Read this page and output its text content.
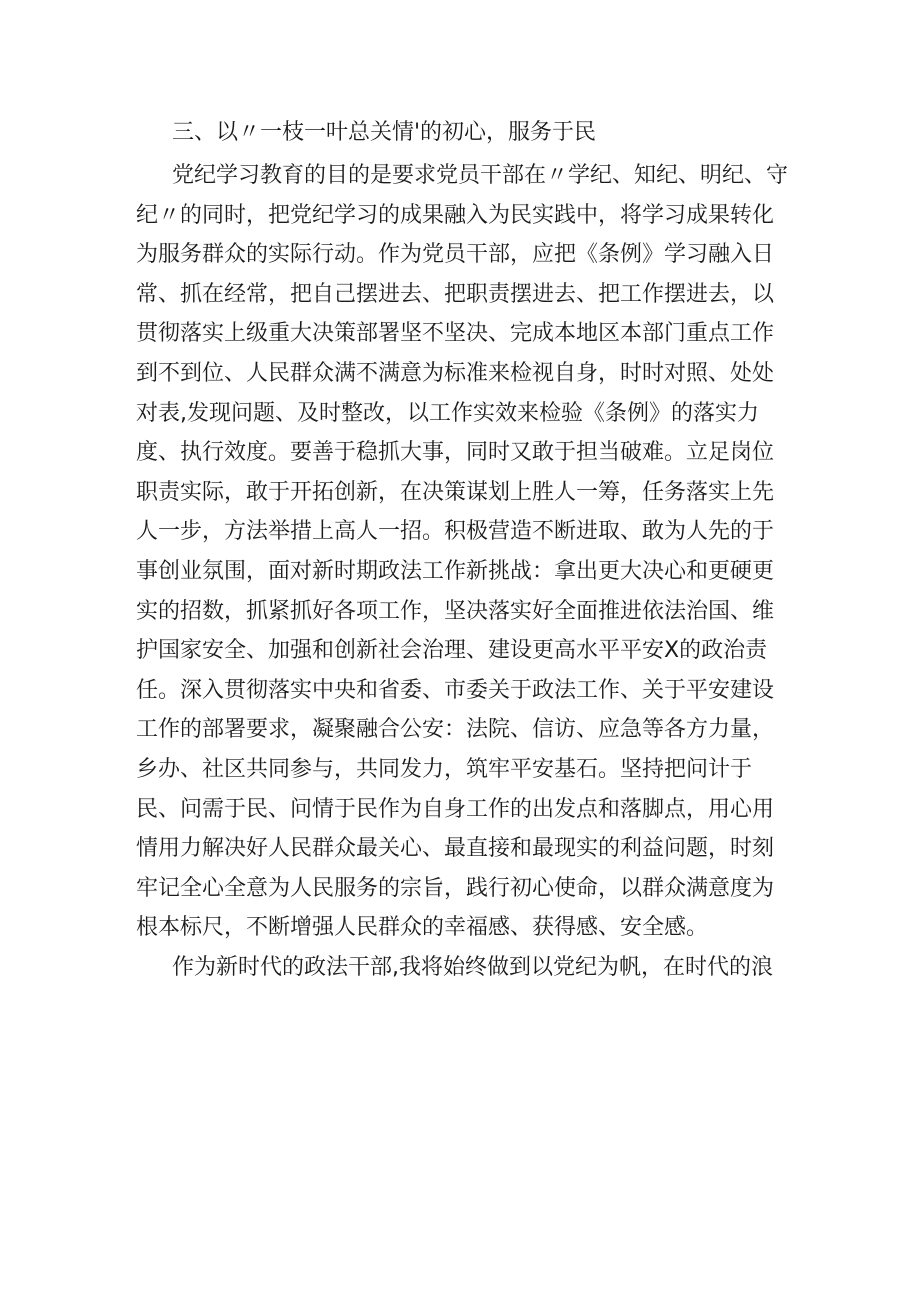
三、以〃一枝一叶总关情'的初心，服务于民

党纪学习教育的目的是要求党员干部在〃学纪、知纪、明纪、守
纪〃的同时，把党纪学习的成果融入为民实践中，将学习成果转化
为服务群众的实际行动。作为党员干部，应把《条例》学习融入日
常、抓在经常，把自己摆进去、把职责摆进去、把工作摆进去，以
贯彻落实上级重大决策部署坚不坚决、完成本地区本部门重点工作
到不到位、人民群众满不满意为标准来检视自身，时时对照、处处
对表,发现问题、及时整改，以工作实效来检验《条例》的落实力
度、执行效度。要善于稳抓大事，同时又敢于担当破难。立足岗位
职责实际，敢于开拓创新，在决策谋划上胜人一筹，任务落实上先
人一步，方法举措上高人一招。积极营造不断进取、敢为人先的于
事创业氛围，面对新时期政法工作新挑战：拿出更大决心和更硬更
实的招数，抓紧抓好各项工作，坚决落实好全面推进依法治国、维
护国家安全、加强和创新社会治理、建设更高水平平安X的政治责
任。深入贯彻落实中央和省委、市委关于政法工作、关于平安建设
工作的部署要求，凝聚融合公安：法院、信访、应急等各方力量，
乡办、社区共同参与，共同发力，筑牢平安基石。坚持把问计于
民、问需于民、问情于民作为自身工作的出发点和落脚点，用心用
情用力解决好人民群众最关心、最直接和最现实的利益问题，时刻
牢记全心全意为人民服务的宗旨，践行初心使命，以群众满意度为
根本标尺，不断增强人民群众的幸福感、获得感、安全感。
作为新时代的政法干部,我将始终做到以党纪为帆，在时代的浪
